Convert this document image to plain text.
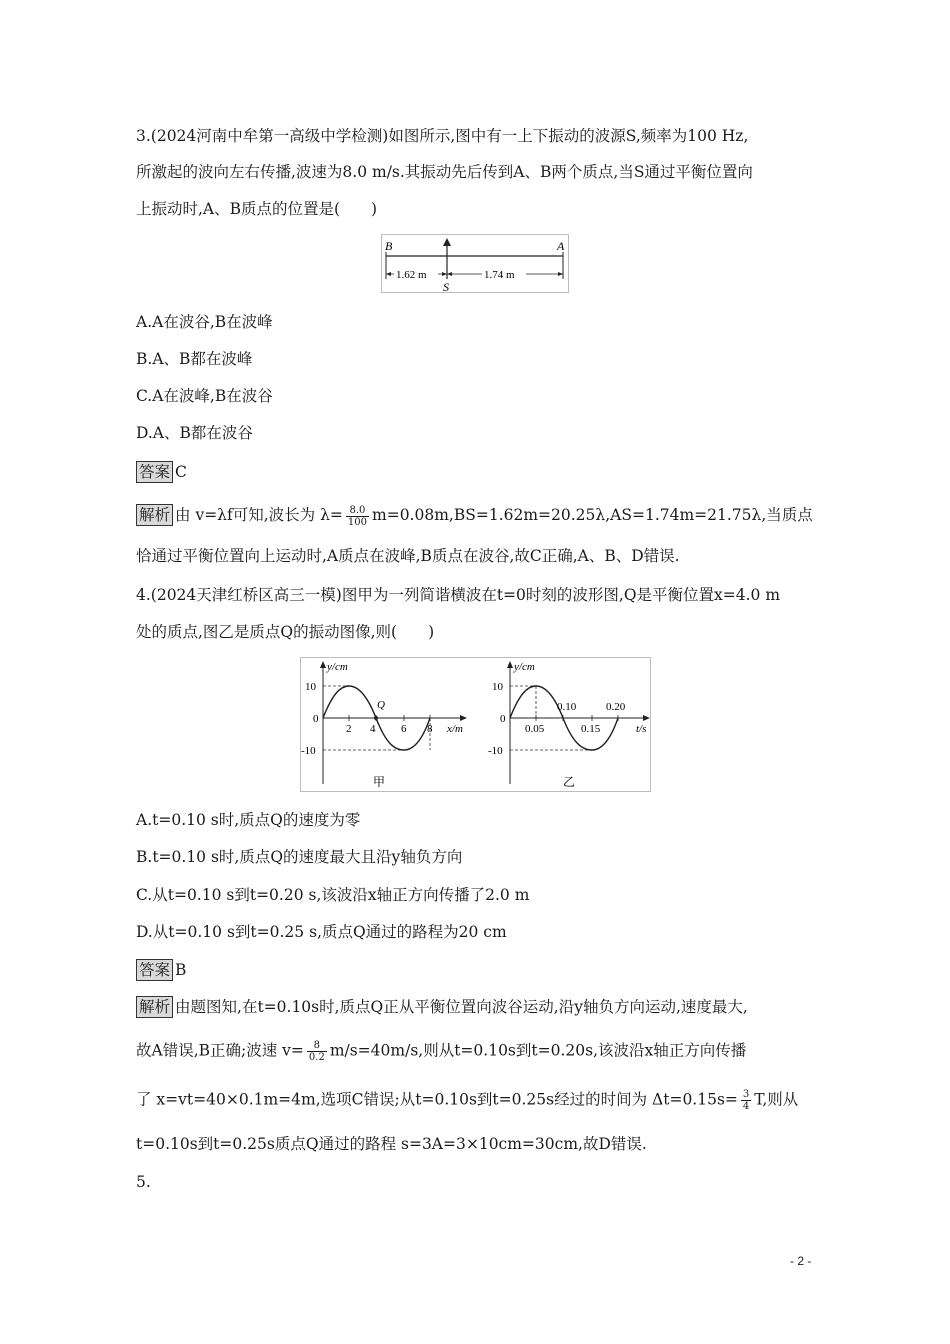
3.(2024河南中牟第一高级中学检测)如图所示,图中有一上下振动的波源S,频率为100 Hz,
所激起的波向左右传播,波速为8.0 m/s.其振动先后传到A、B两个质点,当S通过平衡位置向
上振动时,A、B质点的位置是(　　)
B	A
1.62 m	1.74 m
S
A.A在波谷,B在波峰
B.A、B都在波峰
C.A在波峰,B在波谷
D.A、B都在波谷
答案 C
解析 由 v=λf可知,波长为 $\lambda= \frac{8.0}{100} m=0.08m,BS=1.62m=20.25\lambda,AS=1.74m=21.75\lambda$,当质点
恰通过平衡位置向上运动时,A质点在波峰,B质点在波谷,故C正确,A、B、D错误.
4.(2024天津红桥区高三一模)图甲为一列简谐横波在t=0时刻的波形图,Q是平衡位置x=4.0 m
处的质点,图乙是质点Q的振动图像,则(　　)
y/cm
10
0
-10
Q
2 4 6 8 x/m
甲
y/cm
10
0
-10
0.05	0.15
0.10	0.20
t/s
乙
A.t=0.10 s时,质点Q的速度为零
B.t=0.10 s时,质点Q的速度最大且沿y轴负方向
C.从t=0.10 s到t=0.20 s,该波沿x轴正方向传播了2.0 m
D.从t=0.10 s到t=0.25 s,质点Q通过的路程为20 cm
答案 B
解析 由题图知,在t=0.10s时,质点Q正从平衡位置向波谷运动,沿y轴负方向运动,速度最大,
故A错误,B正确;波速 $v= \frac{8}{0.2} m/s=40m/s$,则从t=0.10s到t=0.20s,该波沿x轴正方向传播
了 x=vt=40×0.1m=4m,选项C错误;从t=0.10s到t=0.25s经过的时间为 $\Delta t=0.15s= \frac{3}{4} T$,则从
t=0.10s到t=0.25s质点Q通过的路程 s=3A=3×10cm=30cm,故D错误.
5.
- 2 -
